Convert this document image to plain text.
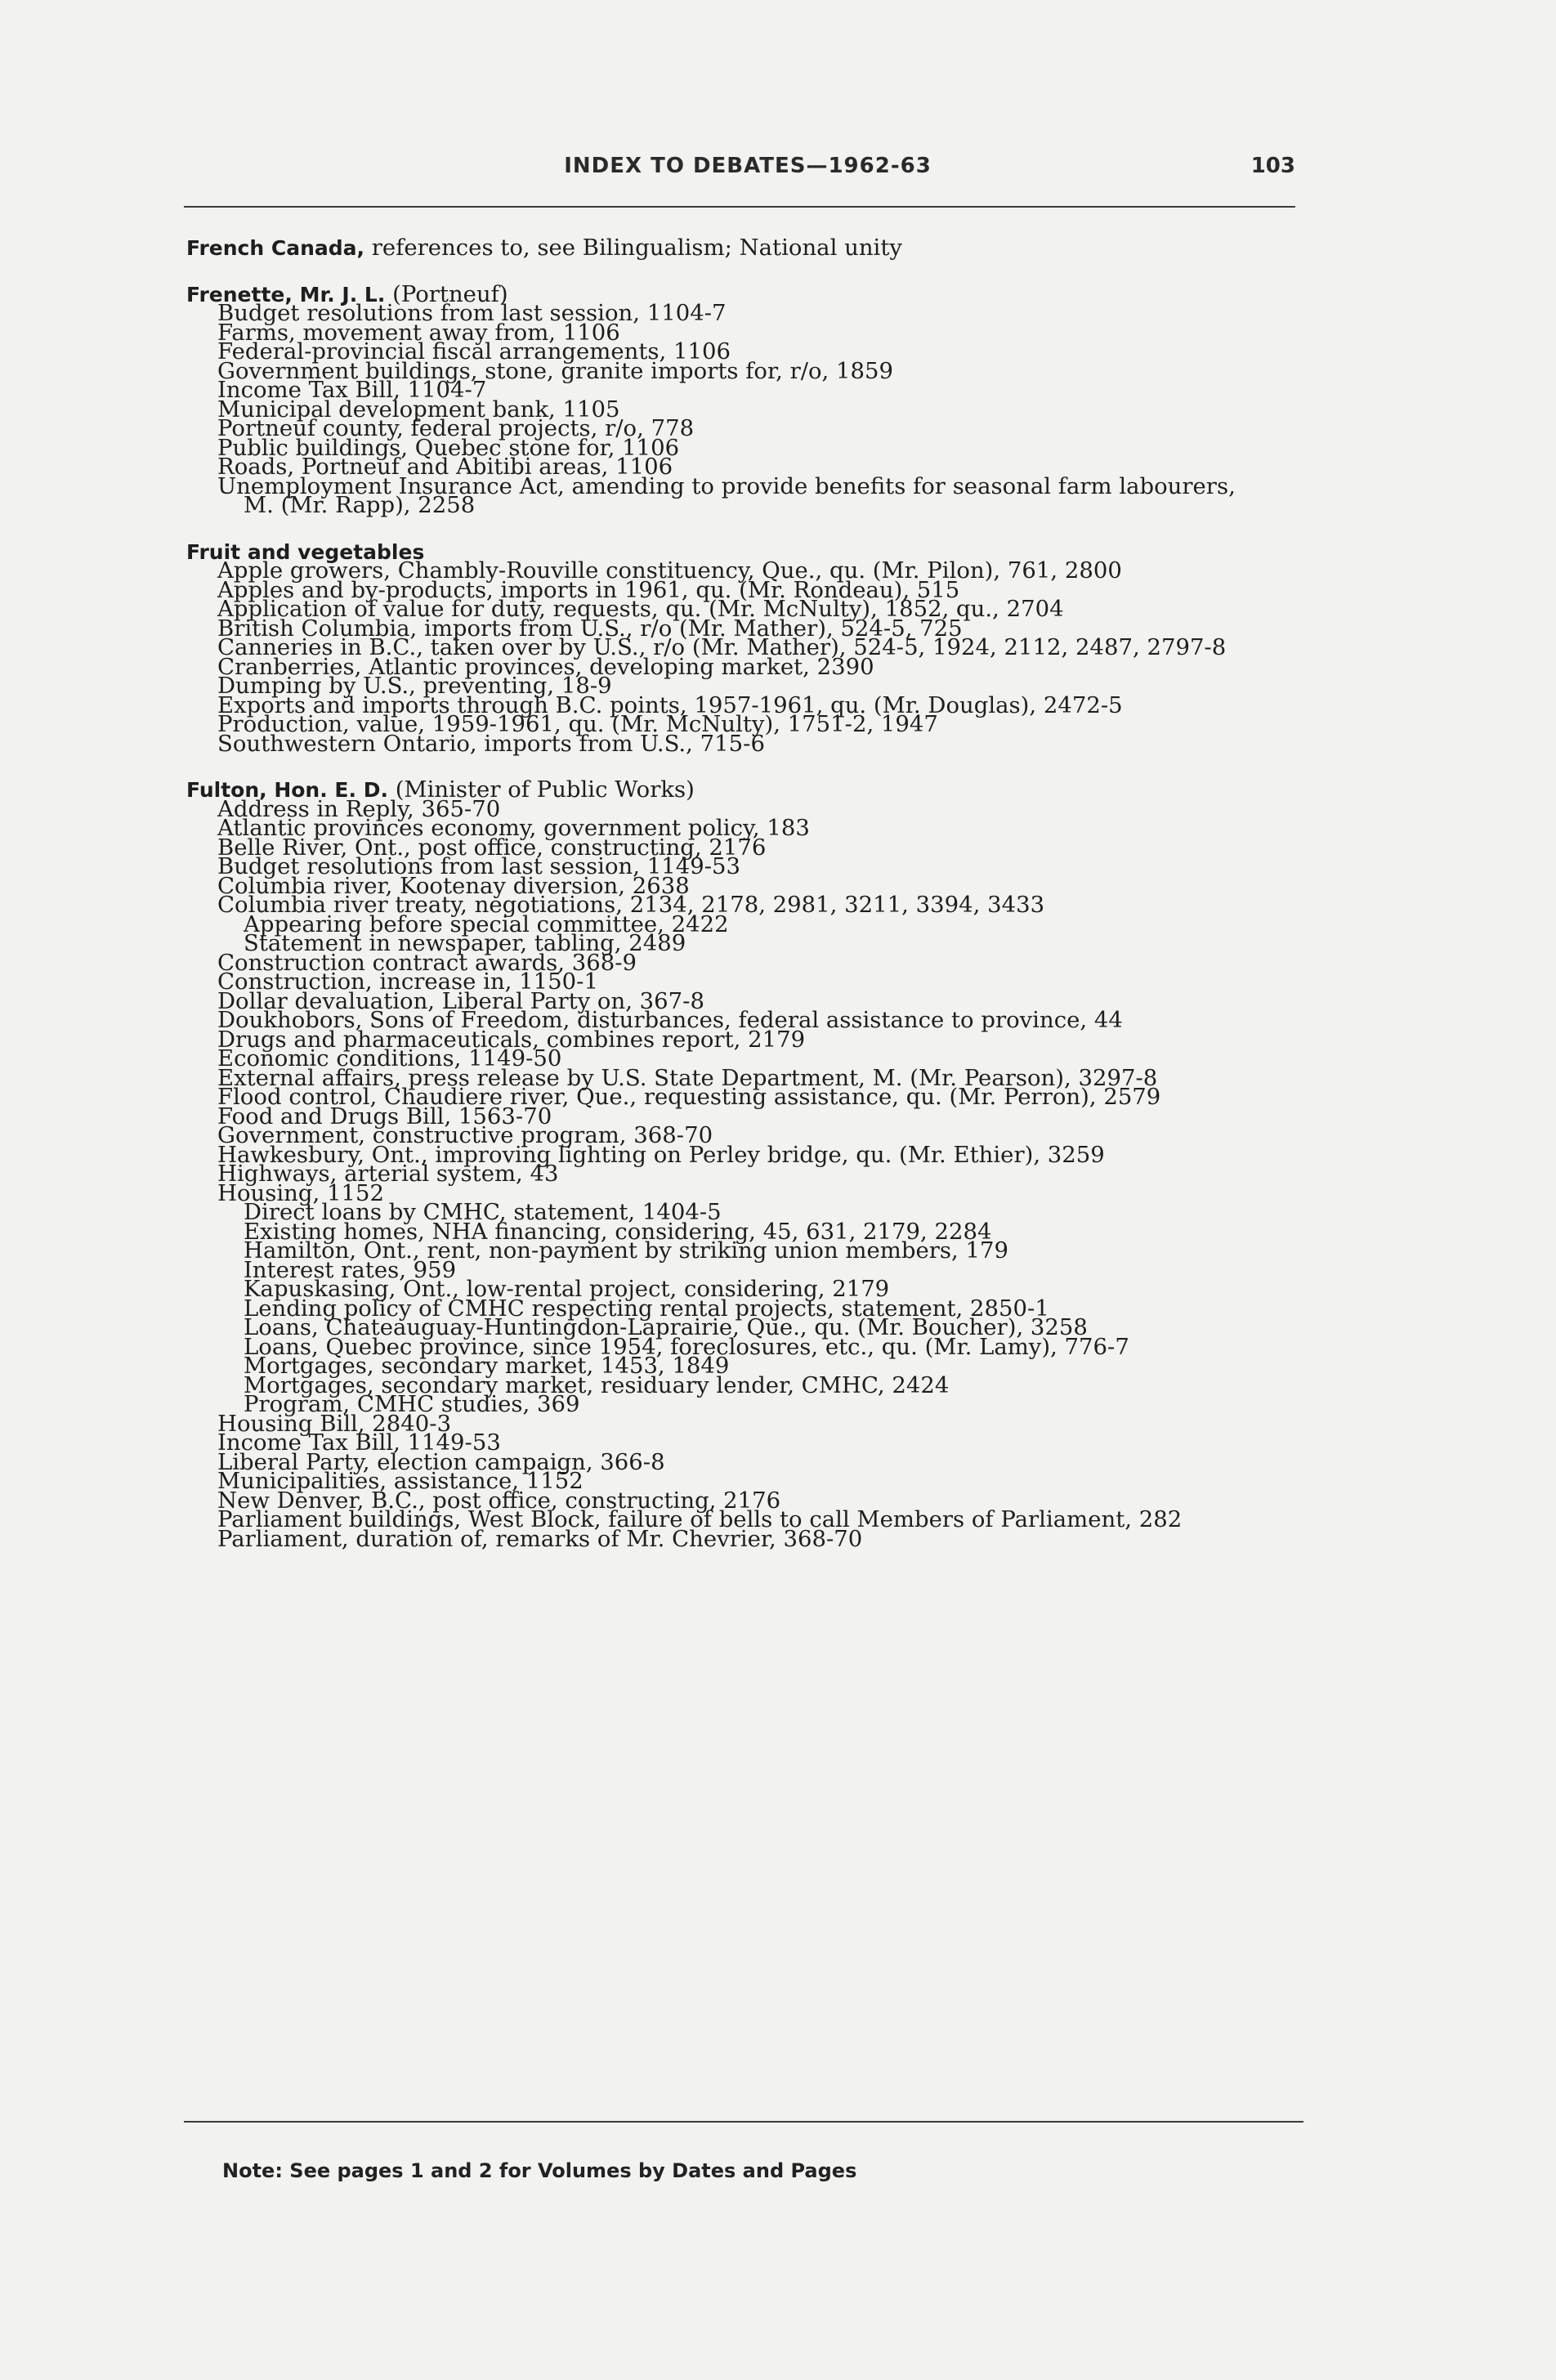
INDEX TO DEBATES—1962-63	103
French Canada, references to, see Bilingualism; National unity
Frenette, Mr. J. L. (Portneuf)
Budget resolutions from last session, 1104-7
Farms, movement away from, 1106
Federal-provincial fiscal arrangements, 1106
Government buildings, stone, granite imports for, r/o, 1859
Income Tax Bill, 1104-7
Municipal development bank, 1105
Portneuf county, federal projects, r/o, 778
Public buildings, Quebec stone for, 1106
Roads, Portneuf and Abitibi areas, 1106
Unemployment Insurance Act, amending to provide benefits for seasonal farm labourers,
M. (Mr. Rapp), 2258
Fruit and vegetables
Apple growers, Chambly-Rouville constituency, Que., qu. (Mr. Pilon), 761, 2800
Apples and by-products, imports in 1961, qu. (Mr. Rondeau), 515
Application of value for duty, requests, qu. (Mr. McNulty), 1852, qu., 2704
British Columbia, imports from U.S., r/o (Mr. Mather), 524-5, 725
Canneries in B.C., taken over by U.S., r/o (Mr. Mather), 524-5, 1924, 2112, 2487, 2797-8
Cranberries, Atlantic provinces, developing market, 2390
Dumping by U.S., preventing, 18-9
Exports and imports through B.C. points, 1957-1961, qu. (Mr. Douglas), 2472-5
Production, value, 1959-1961, qu. (Mr. McNulty), 1751-2, 1947
Southwestern Ontario, imports from U.S., 715-6
Fulton, Hon. E. D. (Minister of Public Works)
Address in Reply, 365-70
Atlantic provinces economy, government policy, 183
Belle River, Ont., post office, constructing, 2176
Budget resolutions from last session, 1149-53
Columbia river, Kootenay diversion, 2638
Columbia river treaty, negotiations, 2134, 2178, 2981, 3211, 3394, 3433
Appearing before special committee, 2422
Statement in newspaper, tabling, 2489
Construction contract awards, 368-9
Construction, increase in, 1150-1
Dollar devaluation, Liberal Party on, 367-8
Doukhobors, Sons of Freedom, disturbances, federal assistance to province, 44
Drugs and pharmaceuticals, combines report, 2179
Economic conditions, 1149-50
External affairs, press release by U.S. State Department, M. (Mr. Pearson), 3297-8
Flood control, Chaudiere river, Que., requesting assistance, qu. (Mr. Perron), 2579
Food and Drugs Bill, 1563-70
Government, constructive program, 368-70
Hawkesbury, Ont., improving lighting on Perley bridge, qu. (Mr. Ethier), 3259
Highways, arterial system, 43
Housing, 1152
Direct loans by CMHC, statement, 1404-5
Existing homes, NHA financing, considering, 45, 631, 2179, 2284
Hamilton, Ont., rent, non-payment by striking union members, 179
Interest rates, 959
Kapuskasing, Ont., low-rental project, considering, 2179
Lending policy of CMHC respecting rental projects, statement, 2850-1
Loans, Chateauguay-Huntingdon-Laprairie, Que., qu. (Mr. Boucher), 3258
Loans, Quebec province, since 1954, foreclosures, etc., qu. (Mr. Lamy), 776-7
Mortgages, secondary market, 1453, 1849
Mortgages, secondary market, residuary lender, CMHC, 2424
Program, CMHC studies, 369
Housing Bill, 2840-3
Income Tax Bill, 1149-53
Liberal Party, election campaign, 366-8
Municipalities, assistance, 1152
New Denver, B.C., post office, constructing, 2176
Parliament buildings, West Block, failure of bells to call Members of Parliament, 282
Parliament, duration of, remarks of Mr. Chevrier, 368-70
Note: See pages 1 and 2 for Volumes by Dates and Pages
